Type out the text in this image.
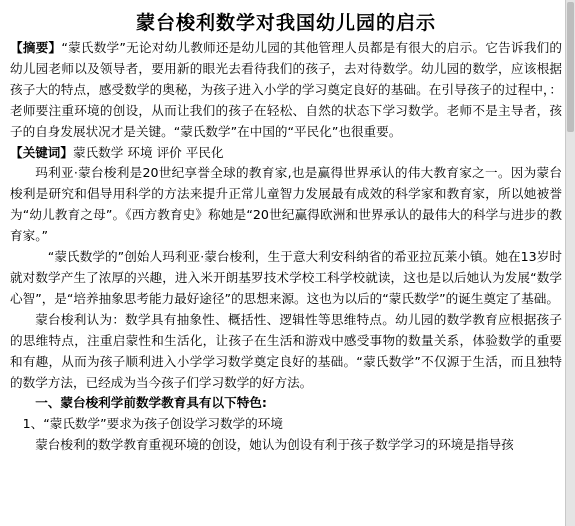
蒙台梭利数学对我国幼儿园的启示

【摘要】“蒙氏数学”无论对幼儿教师还是幼儿园的其他管理人员都是有很大的启示。它告诉我们的幼儿园老师以及领导者，要用新的眼光去看待我们的孩子，去对待数学。幼儿园的数学，应该根据孩子大的特点，感受数学的奥秘，为孩子进入小学的学习奠定良好的基础。在引导孩子的过程中，：老师要注重环境的创设，从而让我们的孩子在轻松、自然的状态下学习数学。老师不是主导者，孩子的自身发展状况才是关键。“蒙氏数学”在中国的“平民化”也很重要。

【关键词】蒙氏数学 环境 评价 平民化

玛利亚·蒙台梭利是20世纪享誉全球的教育家,也是赢得世界承认的伟大教育家之一。因为蒙台梭利是研究和倡导用科学的方法来提升正常儿童智力发展最有成效的科学家和教育家，所以她被誉为“幼儿教育之母”。《西方教育史》称她是“20世纪赢得欧洲和世界承认的最伟大的科学与进步的教育家。”

“蒙氏数学的”创始人玛利亚·蒙台梭利，生于意大利安科纳省的希亚拉瓦莱小镇。她在13岁时就对数学产生了浓厚的兴趣，进入米开朗基罗技术学校工科学校就读，这也是以后她认为发展“数学心智”，是“培养抽象思考能力最好途径”的思想来源。这也为以后的“蒙氏数学”的诞生奠定了基础。

蒙台梭利认为：数学具有抽象性、概括性、逻辑性等思维特点。幼儿园的数学教育应根据孩子的思维特点，注重启蒙性和生活化，让孩子在生活和游戏中感受事物的数量关系，体验数学的重要和有趣，从而为孩子顺利进入小学学习数学奠定良好的基础。“蒙氏数学”不仅源于生活，而且独特的数学方法，已经成为当今孩子们学习数学的好方法。

一、蒙台梭利学前数学教育具有以下特色:

1、“蒙氏数学”要求为孩子创设学习数学的环境

蒙台梭利的数学教育重视环境的创设，她认为创设有利于孩子数学学习的环境是指导孩
